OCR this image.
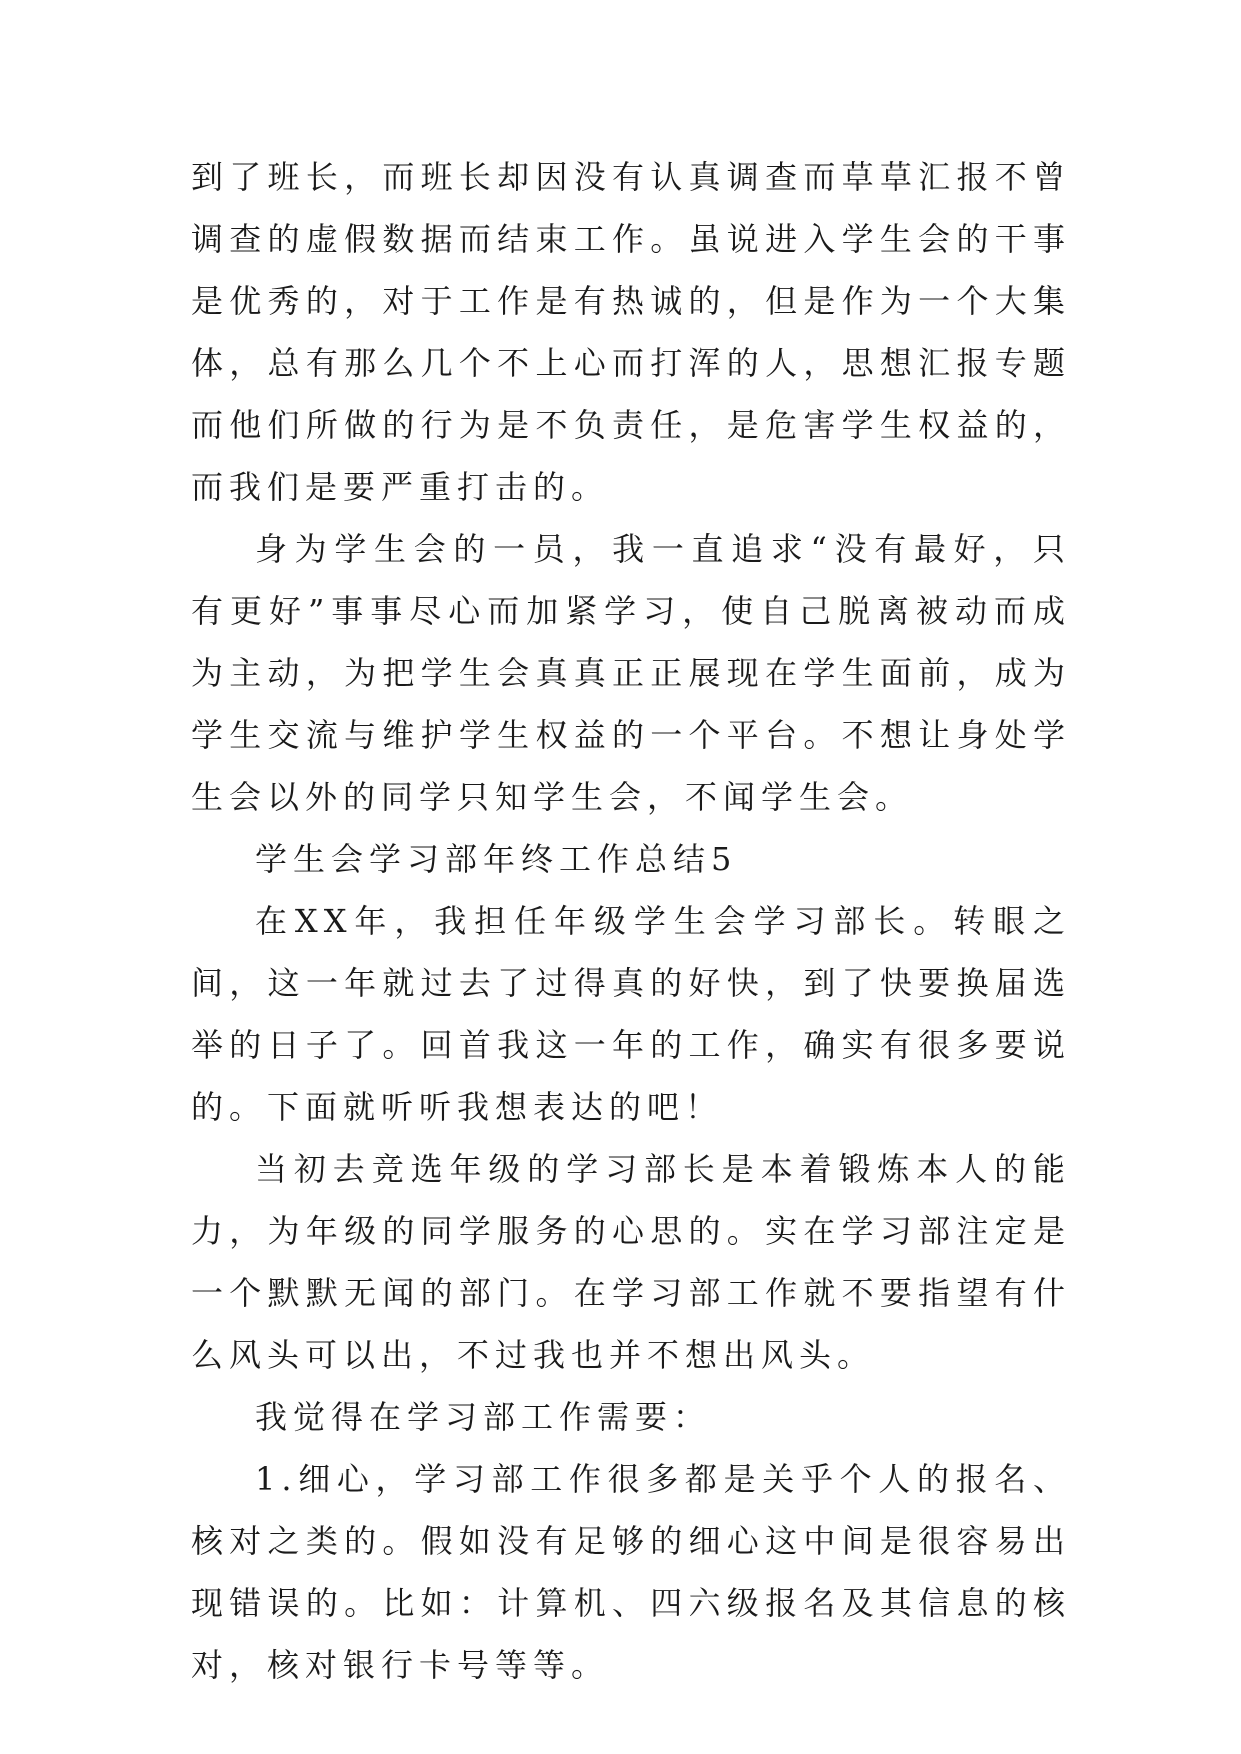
到了班长，而班长却因没有认真调查而草草汇报不曾调查的虚假数据而结束工作。虽说进入学生会的干事是优秀的，对于工作是有热诚的，但是作为一个大集体，总有那么几个不上心而打浑的人，思想汇报专题而他们所做的行为是不负责任，是危害学生权益的，而我们是要严重打击的。

身为学生会的一员，我一直追求“没有最好，只有更好”事事尽心而加紧学习，使自己脱离被动而成为主动，为把学生会真真正正展现在学生面前，成为学生交流与维护学生权益的一个平台。不想让身处学生会以外的同学只知学生会，不闻学生会。

学生会学习部年终工作总结5

在XX年，我担任年级学生会学习部长。转眼之间，这一年就过去了过得真的好快，到了快要换届选举的日子了。回首我这一年的工作，确实有很多要说的。下面就听听我想表达的吧！

当初去竞选年级的学习部长是本着锻炼本人的能力，为年级的同学服务的心思的。实在学习部注定是一个默默无闻的部门。在学习部工作就不要指望有什么风头可以出，不过我也并不想出风头。

我觉得在学习部工作需要：

1.细心，学习部工作很多都是关乎个人的报名、核对之类的。假如没有足够的细心这中间是很容易出现错误的。比如：计算机、四六级报名及其信息的核对，核对银行卡号等等。
